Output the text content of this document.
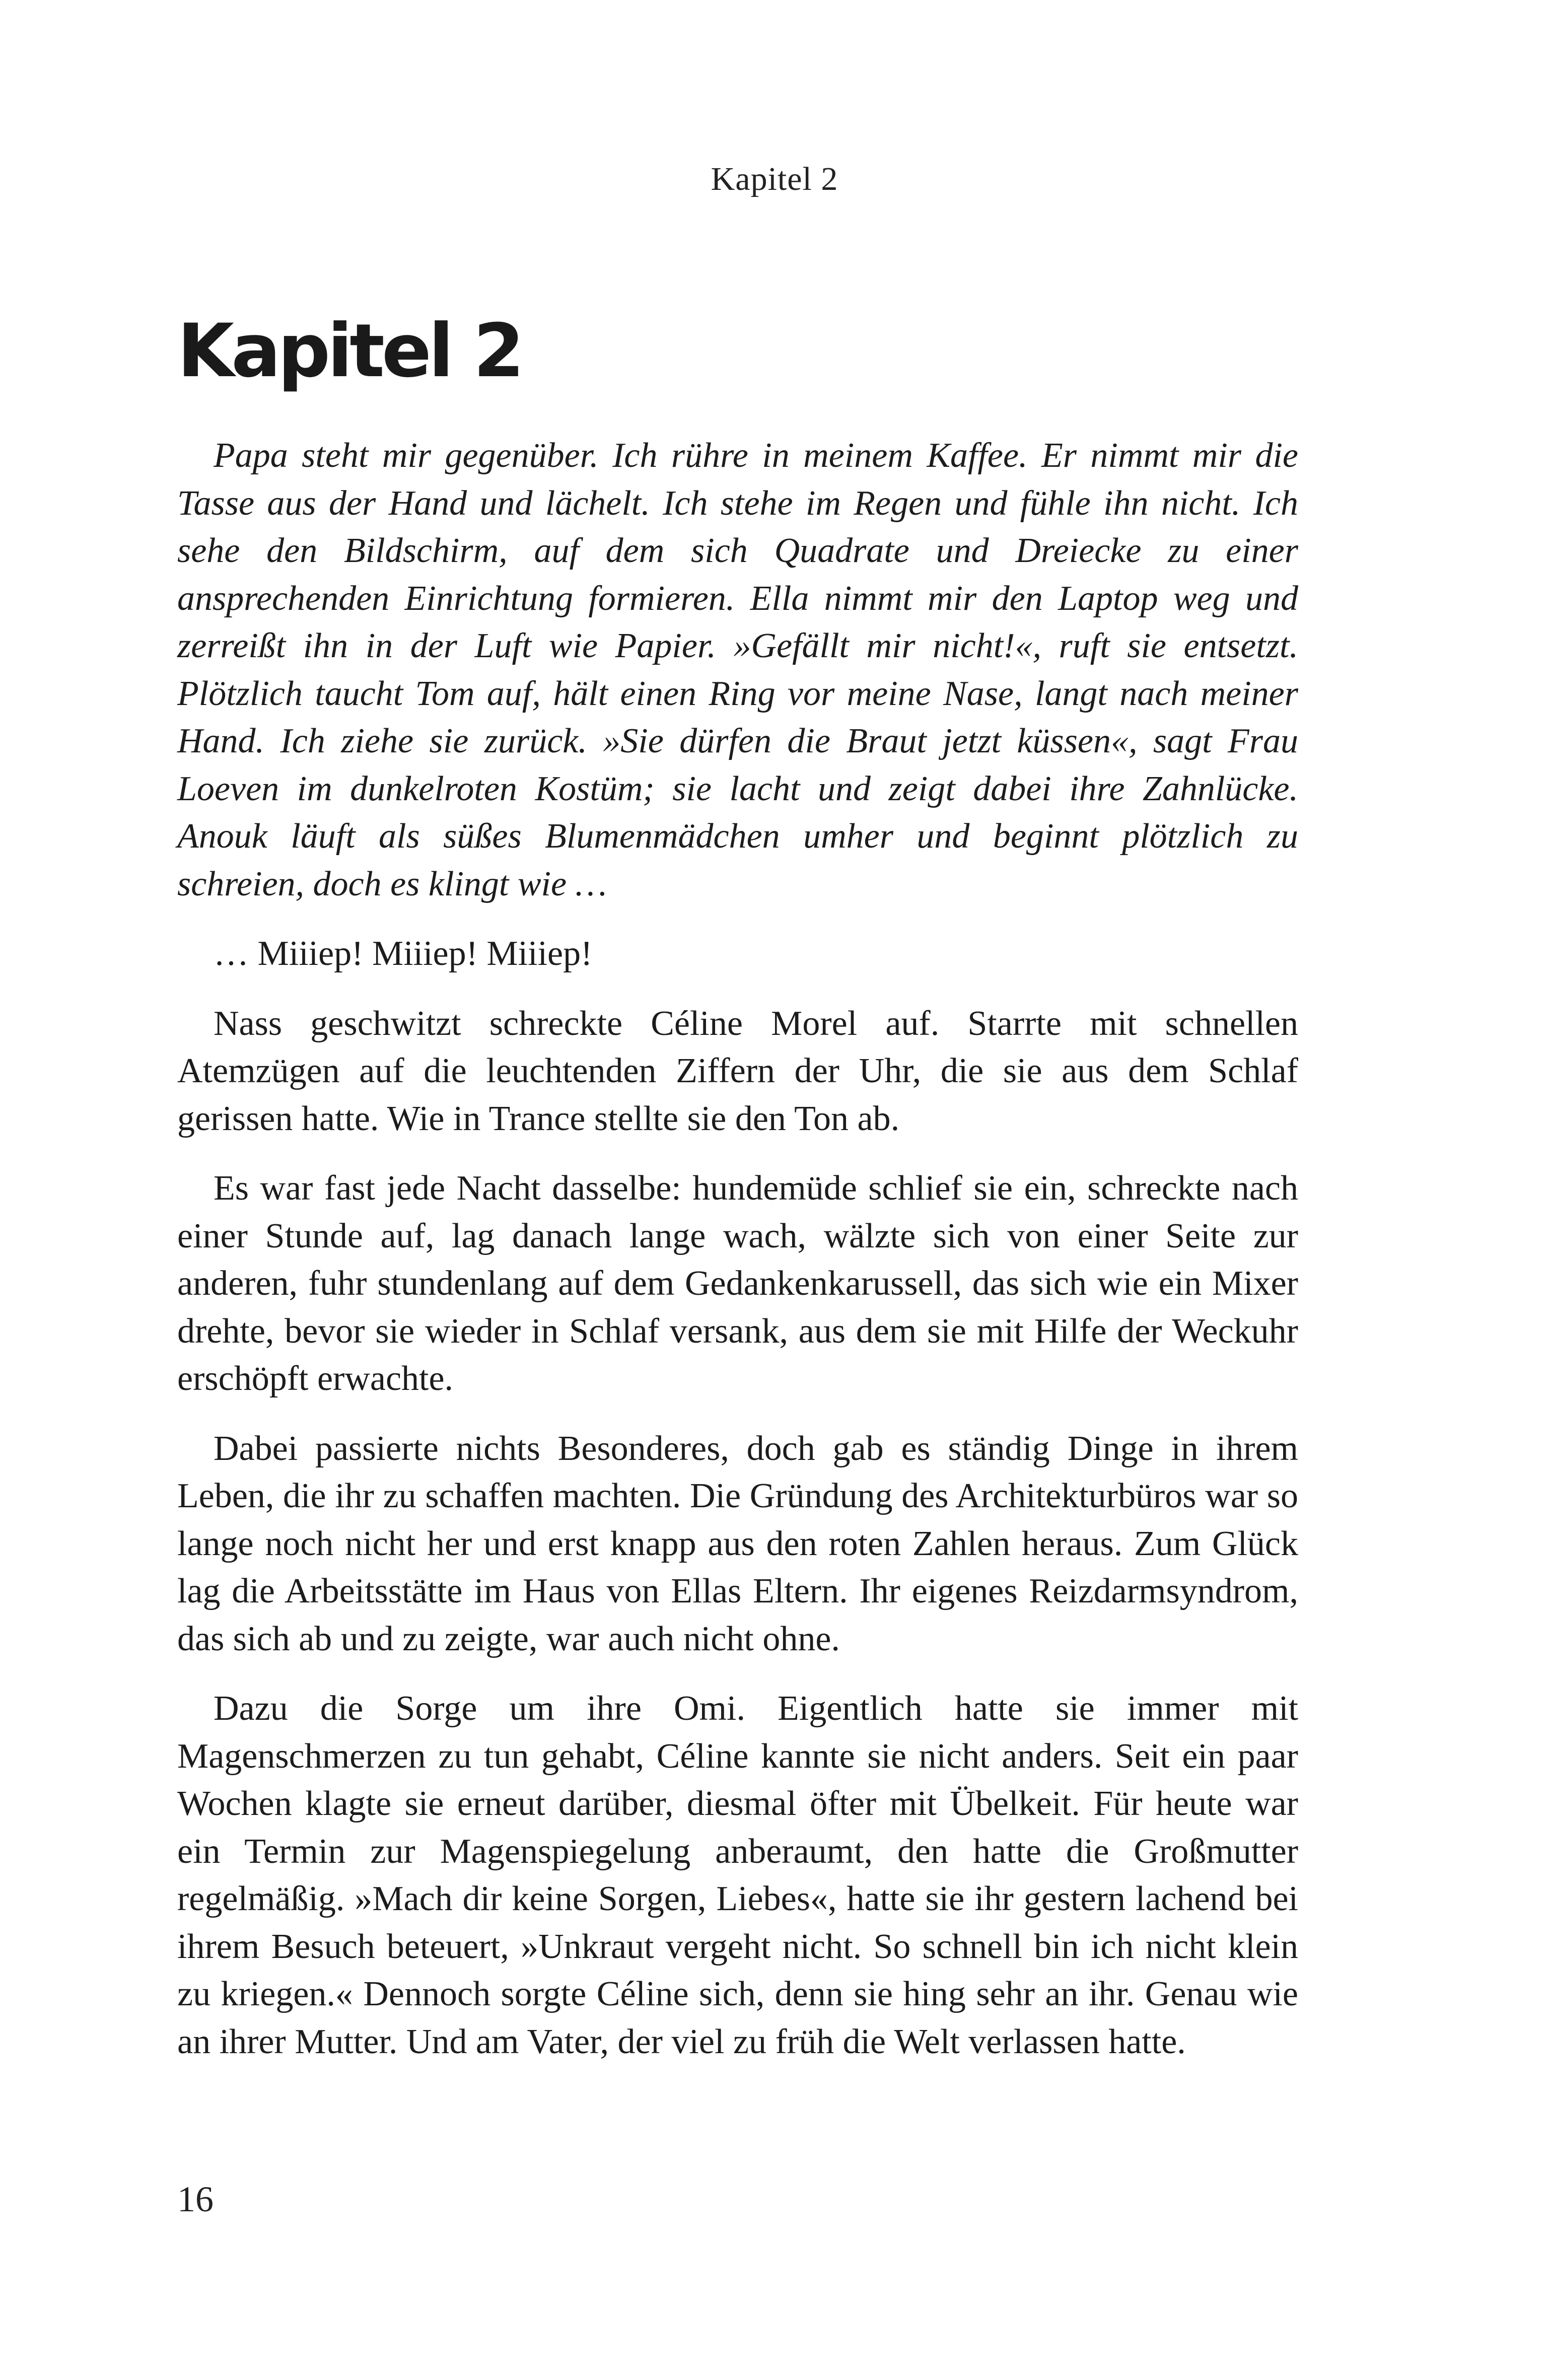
Kapitel 2
Kapitel 2

Papa steht mir gegenüber. Ich rühre in meinem Kaffee. Er nimmt mir die Tasse aus der Hand und lächelt. Ich stehe im Regen und fühle ihn nicht. Ich sehe den Bildschirm, auf dem sich Quadrate und Dreiecke zu einer ansprechenden Einrichtung formieren. Ella nimmt mir den Laptop weg und zerreißt ihn in der Luft wie Papier. »Gefällt mir nicht!«, ruft sie entsetzt. Plötzlich taucht Tom auf, hält einen Ring vor meine Nase, langt nach meiner Hand. Ich ziehe sie zurück. »Sie dürfen die Braut jetzt küssen«, sagt Frau Loeven im dunkelroten Kostüm; sie lacht und zeigt dabei ihre Zahnlücke. Anouk läuft als süßes Blumenmädchen umher und beginnt plötzlich zu schreien, doch es klingt wie …

… Miiiep! Miiiep! Miiiep!

Nass geschwitzt schreckte Céline Morel auf. Starrte mit schnellen Atemzügen auf die leuchtenden Ziffern der Uhr, die sie aus dem Schlaf gerissen hatte. Wie in Trance stellte sie den Ton ab.

Es war fast jede Nacht dasselbe: hundemüde schlief sie ein, schreckte nach einer Stunde auf, lag danach lange wach, wälzte sich von einer Seite zur anderen, fuhr stundenlang auf dem Gedankenkarussell, das sich wie ein Mixer drehte, bevor sie wieder in Schlaf versank, aus dem sie mit Hilfe der Weckuhr erschöpft erwachte.

Dabei passierte nichts Besonderes, doch gab es ständig Dinge in ihrem Leben, die ihr zu schaffen machten. Die Gründung des Architekturbüros war so lange noch nicht her und erst knapp aus den roten Zahlen heraus. Zum Glück lag die Arbeitsstätte im Haus von Ellas Eltern. Ihr eigenes Reizdarmsyndrom, das sich ab und zu zeigte, war auch nicht ohne.

Dazu die Sorge um ihre Omi. Eigentlich hatte sie immer mit Magenschmerzen zu tun gehabt, Céline kannte sie nicht anders. Seit ein paar Wochen klagte sie erneut darüber, diesmal öfter mit Übelkeit. Für heute war ein Termin zur Magenspiegelung anberaumt, den hatte die Großmutter regelmäßig. »Mach dir keine Sorgen, Liebes«, hatte sie ihr gestern lachend bei ihrem Besuch beteuert, »Unkraut vergeht nicht. So schnell bin ich nicht klein zu kriegen.« Dennoch sorgte Céline sich, denn sie hing sehr an ihr. Genau wie an ihrer Mutter. Und am Vater, der viel zu früh die Welt verlassen hatte.

16
